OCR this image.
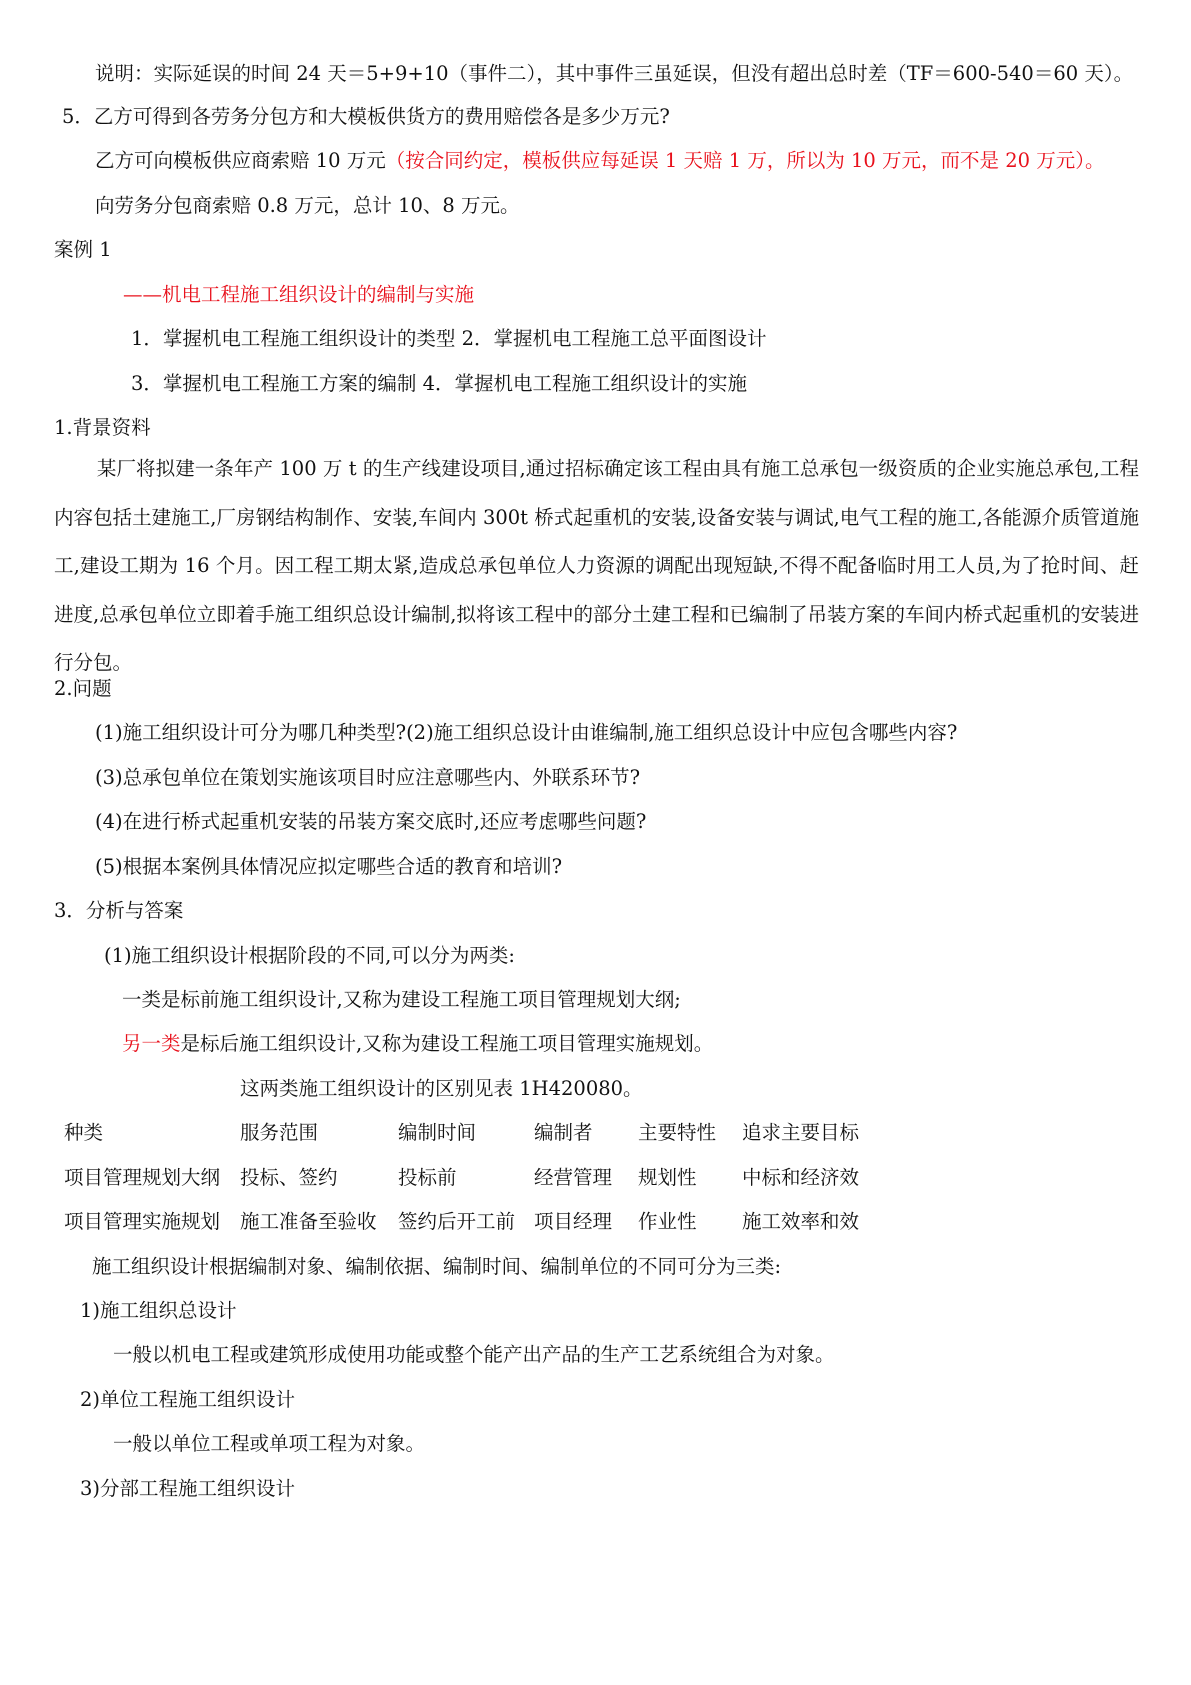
说明：实际延误的时间 24 天＝5+9+10（事件二），其中事件三虽延误，但没有超出总时差（TF＝600-540＝60 天）。
5．乙方可得到各劳务分包方和大模板供货方的费用赔偿各是多少万元?
乙方可向模板供应商索赔 10 万元（按合同约定，模板供应每延误 1 天赔 1 万，所以为 10 万元，而不是 20 万元）。
向劳务分包商索赔 0.8 万元，总计 10、8 万元。
案例 1
——机电工程施工组织设计的编制与实施
1．掌握机电工程施工组织设计的类型 2．掌握机电工程施工总平面图设计
3．掌握机电工程施工方案的编制 4．掌握机电工程施工组织设计的实施
1.背景资料
某厂将拟建一条年产 100 万 t 的生产线建设项目,通过招标确定该工程由具有施工总承包一级资质的企业实施总承包,工程内容包括土建施工,厂房钢结构制作、安装,车间内 300t 桥式起重机的安装,设备安装与调试,电气工程的施工,各能源介质管道施工,建设工期为 16 个月。因工程工期太紧,造成总承包单位人力资源的调配出现短缺,不得不配备临时用工人员,为了抢时间、赶进度,总承包单位立即着手施工组织总设计编制,拟将该工程中的部分土建工程和已编制了吊装方案的车间内桥式起重机的安装进行分包。
2.问题
(1)施工组织设计可分为哪几种类型?(2)施工组织总设计由谁编制,施工组织总设计中应包含哪些内容?
(3)总承包单位在策划实施该项目时应注意哪些内、外联系环节?
(4)在进行桥式起重机安装的吊装方案交底时,还应考虑哪些问题?
(5)根据本案例具体情况应拟定哪些合适的教育和培训?
3．分析与答案
(1)施工组织设计根据阶段的不同,可以分为两类:
一类是标前施工组织设计,又称为建设工程施工项目管理规划大纲;
另一类是标后施工组织设计,又称为建设工程施工项目管理实施规划。
这两类施工组织设计的区别见表 1H420080。
种类	服务范围	编制时间	编制者 主要特性 追求主要目标
项目管理规划大纲 投标、签约	投标前	经营管理 规划性 中标和经济效
项目管理实施规划 施工准备至验收 签约后开工前 项目经理 作业性 施工效率和效
施工组织设计根据编制对象、编制依据、编制时间、编制单位的不同可分为三类:
1)施工组织总设计
一般以机电工程或建筑形成使用功能或整个能产出产品的生产工艺系统组合为对象。
2)单位工程施工组织设计
一般以单位工程或单项工程为对象。
3)分部工程施工组织设计
